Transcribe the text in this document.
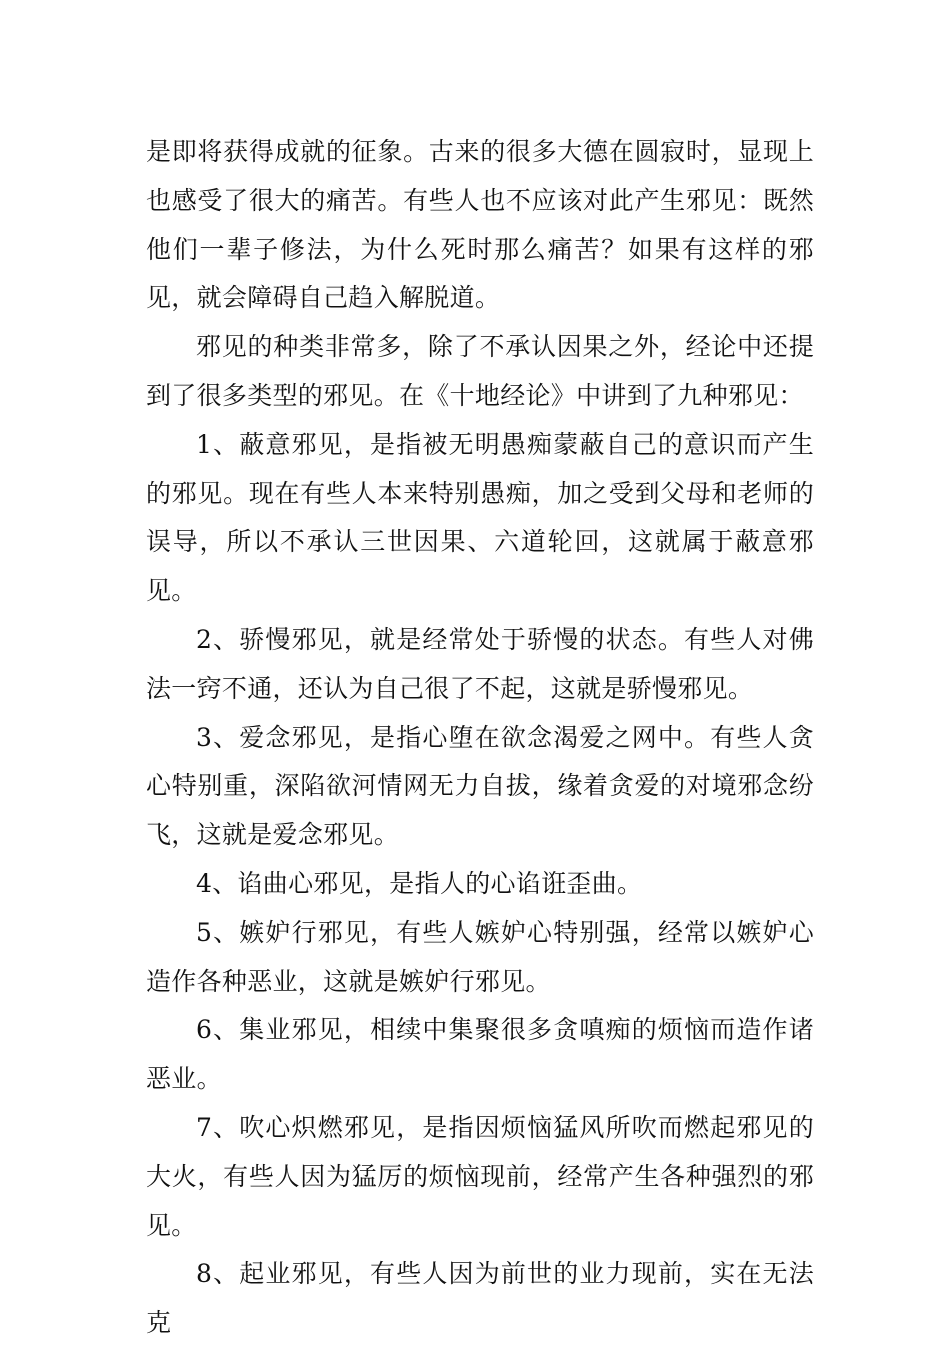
是即将获得成就的征象。古来的很多大德在圆寂时，显现上也感受了很大的痛苦。有些人也不应该对此产生邪见：既然他们一辈子修法，为什么死时那么痛苦？如果有这样的邪见，就会障碍自己趋入解脱道。

邪见的种类非常多，除了不承认因果之外，经论中还提到了很多类型的邪见。在《十地经论》中讲到了九种邪见：

1、蔽意邪见，是指被无明愚痴蒙蔽自己的意识而产生的邪见。现在有些人本来特别愚痴，加之受到父母和老师的误导，所以不承认三世因果、六道轮回，这就属于蔽意邪见。

2、骄慢邪见，就是经常处于骄慢的状态。有些人对佛法一窍不通，还认为自己很了不起，这就是骄慢邪见。

3、爱念邪见，是指心堕在欲念渴爱之网中。有些人贪心特别重，深陷欲河情网无力自拔，缘着贪爱的对境邪念纷飞，这就是爱念邪见。

4、谄曲心邪见，是指人的心谄诳歪曲。

5、嫉妒行邪见，有些人嫉妒心特别强，经常以嫉妒心造作各种恶业，这就是嫉妒行邪见。

6、集业邪见，相续中集聚很多贪嗔痴的烦恼而造作诸恶业。

7、吹心炽燃邪见，是指因烦恼猛风所吹而燃起邪见的大火，有些人因为猛厉的烦恼现前，经常产生各种强烈的邪见。

8、起业邪见，有些人因为前世的业力现前，实在无法克
